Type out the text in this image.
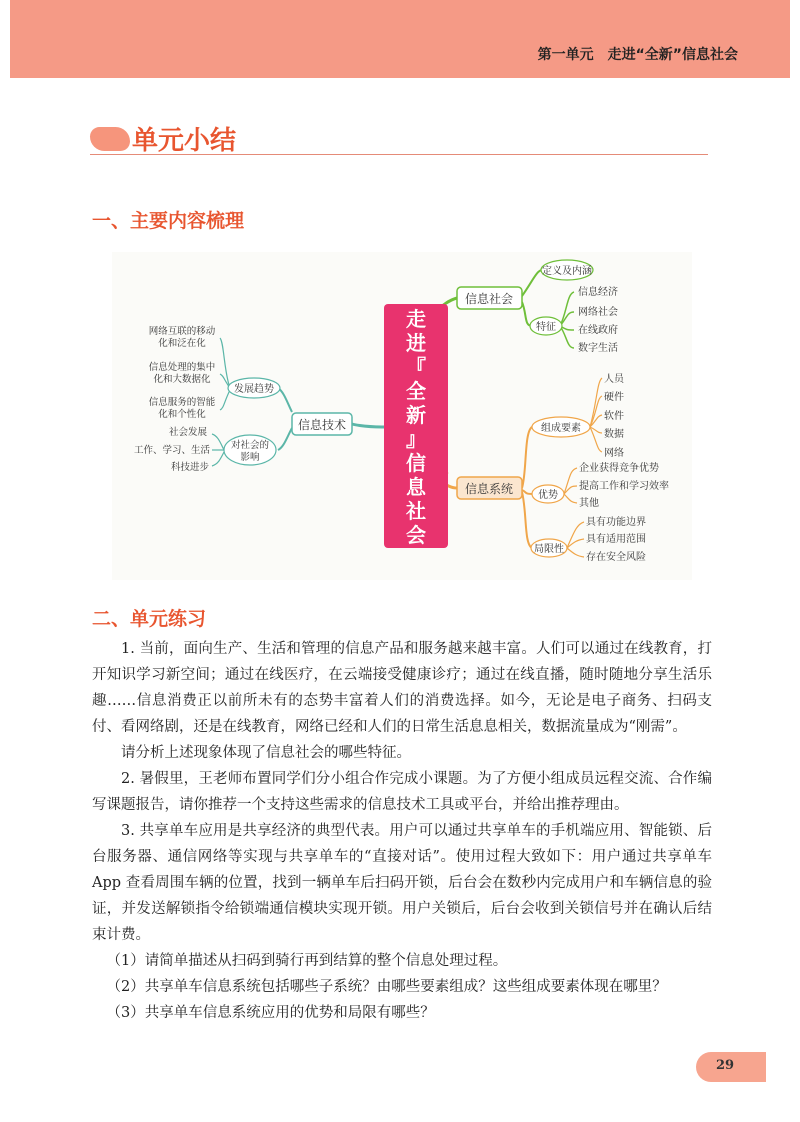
第一单元　走进“全新”信息社会
单元小结
一、主要内容梳理
走
进
『
全
新
』
信
息
社
会
信息社会
定义及内涵
特征
信息经济
网络社会
在线政府
数字生活
信息系统
组成要素
人员
硬件
软件
数据
网络
优势
企业获得竞争优势
提高工作和学习效率
其他
局限性
具有功能边界
具有适用范围
存在安全风险
信息技术
发展趋势
网络互联的移动
化和泛在化
信息处理的集中
化和大数据化
信息服务的智能
化和个性化
对社会的
影响
社会发展
工作、学习、生活
科技进步
二、单元练习

1. 当前，面向生产、生活和管理的信息产品和服务越来越丰富。人们可以通过在线教育，打开知识学习新空间；通过在线医疗，在云端接受健康诊疗；通过在线直播，随时随地分享生活乐趣……信息消费正以前所未有的态势丰富着人们的消费选择。如今，无论是电子商务、扫码支付、看网络剧，还是在线教育，网络已经和人们的日常生活息息相关，数据流量成为“刚需”。

请分析上述现象体现了信息社会的哪些特征。

2. 暑假里，王老师布置同学们分小组合作完成小课题。为了方便小组成员远程交流、合作编写课题报告，请你推荐一个支持这些需求的信息技术工具或平台，并给出推荐理由。

3. 共享单车应用是共享经济的典型代表。用户可以通过共享单车的手机端应用、智能锁、后台服务器、通信网络等实现与共享单车的“直接对话”。使用过程大致如下：用户通过共享单车 App 查看周围车辆的位置，找到一辆单车后扫码开锁，后台会在数秒内完成用户和车辆信息的验证，并发送解锁指令给锁端通信模块实现开锁。用户关锁后，后台会收到关锁信号并在确认后结束计费。

（1）请简单描述从扫码到骑行再到结算的整个信息处理过程。

（2）共享单车信息系统包括哪些子系统？由哪些要素组成？这些组成要素体现在哪里？

（3）共享单车信息系统应用的优势和局限有哪些？

29
